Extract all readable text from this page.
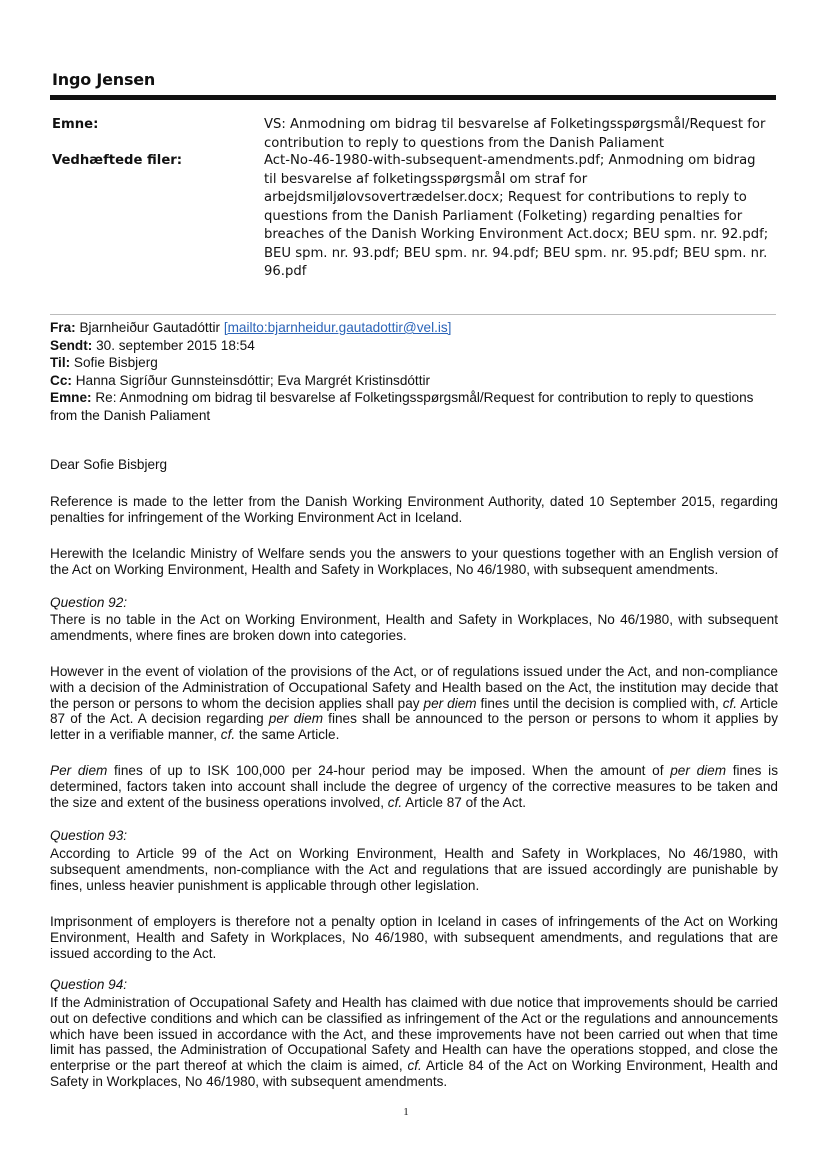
Ingo Jensen
Emne:	VS: Anmodning om bidrag til besvarelse af Folketingsspørgsmål/Request for contribution to reply to questions from the Danish Paliament
Vedhæftede filer:	Act-No-46-1980-with-subsequent-amendments.pdf; Anmodning om bidrag til besvarelse af folketingsspørgsmål om straf for arbejdsmiljølovsovertrædelser.docx; Request for contributions to reply to questions from the Danish Parliament (Folketing) regarding penalties for breaches of the Danish Working Environment Act.docx; BEU spm. nr. 92.pdf; BEU spm. nr. 93.pdf; BEU spm. nr. 94.pdf; BEU spm. nr. 95.pdf; BEU spm. nr. 96.pdf
Fra: Bjarnheiður Gautadóttir [mailto:bjarnheidur.gautadottir@vel.is]
Sendt: 30. september 2015 18:54
Til: Sofie Bisbjerg
Cc: Hanna Sigríður Gunnsteinsdóttir; Eva Margrét Kristinsdóttir
Emne: Re: Anmodning om bidrag til besvarelse af Folketingsspørgsmål/Request for contribution to reply to questions from the Danish Paliament
Dear Sofie Bisbjerg
Reference is made to the letter from the Danish Working Environment Authority, dated 10 September 2015, regarding penalties for infringement of the Working Environment Act in Iceland.
Herewith the Icelandic Ministry of Welfare sends you the answers to your questions together with an English version of the Act on Working Environment, Health and Safety in Workplaces, No 46/1980, with subsequent amendments.
Question 92:
There is no table in the Act on Working Environment, Health and Safety in Workplaces, No 46/1980, with subsequent amendments, where fines are broken down into categories.
However in the event of violation of the provisions of the Act, or of regulations issued under the Act, and non-compliance with a decision of the Administration of Occupational Safety and Health based on the Act, the institution may decide that the person or persons to whom the decision applies shall pay per diem fines until the decision is complied with, cf. Article 87 of the Act. A decision regarding per diem fines shall be announced to the person or persons to whom it applies by letter in a verifiable manner, cf. the same Article.
Per diem fines of up to ISK 100,000 per 24-hour period may be imposed. When the amount of per diem fines is determined, factors taken into account shall include the degree of urgency of the corrective measures to be taken and the size and extent of the business operations involved, cf. Article 87 of the Act.
Question 93:
According to Article 99 of the Act on Working Environment, Health and Safety in Workplaces, No 46/1980, with subsequent amendments, non-compliance with the Act and regulations that are issued accordingly are punishable by fines, unless heavier punishment is applicable through other legislation.
Imprisonment of employers is therefore not a penalty option in Iceland in cases of infringements of the Act on Working Environment, Health and Safety in Workplaces, No 46/1980, with subsequent amendments, and regulations that are issued according to the Act.
Question 94:
If the Administration of Occupational Safety and Health has claimed with due notice that improvements should be carried out on defective conditions and which can be classified as infringement of the Act or the regulations and announcements which have been issued in accordance with the Act, and these improvements have not been carried out when that time limit has passed, the Administration of Occupational Safety and Health can have the operations stopped, and close the enterprise or the part thereof at which the claim is aimed, cf. Article 84 of the Act on Working Environment, Health and Safety in Workplaces, No 46/1980, with subsequent amendments.
1
